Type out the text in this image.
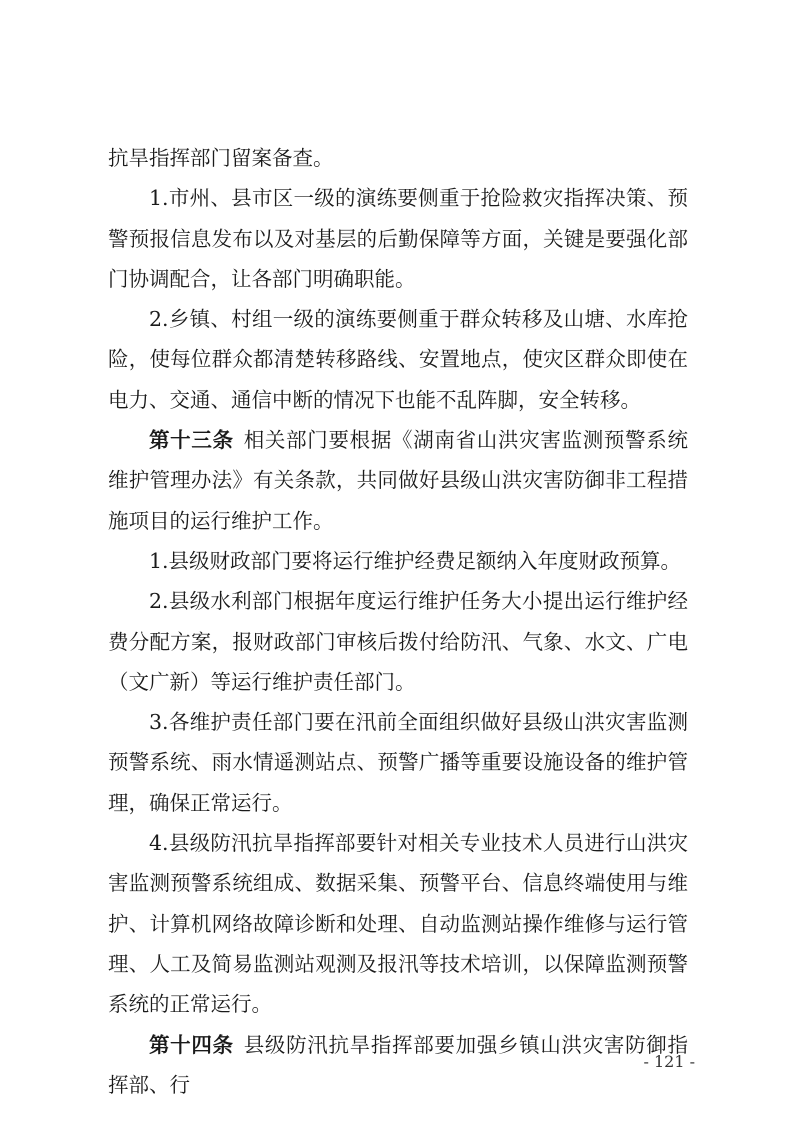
抗旱指挥部门留案备查。

1.市州、县市区一级的演练要侧重于抢险救灾指挥决策、预警预报信息发布以及对基层的后勤保障等方面，关键是要强化部门协调配合，让各部门明确职能。

2.乡镇、村组一级的演练要侧重于群众转移及山塘、水库抢险，使每位群众都清楚转移路线、安置地点，使灾区群众即使在电力、交通、通信中断的情况下也能不乱阵脚，安全转移。

第十三条 相关部门要根据《湖南省山洪灾害监测预警系统维护管理办法》有关条款，共同做好县级山洪灾害防御非工程措施项目的运行维护工作。

1.县级财政部门要将运行维护经费足额纳入年度财政预算。

2.县级水利部门根据年度运行维护任务大小提出运行维护经费分配方案，报财政部门审核后拨付给防汛、气象、水文、广电（文广新）等运行维护责任部门。

3.各维护责任部门要在汛前全面组织做好县级山洪灾害监测预警系统、雨水情遥测站点、预警广播等重要设施设备的维护管理，确保正常运行。

4.县级防汛抗旱指挥部要针对相关专业技术人员进行山洪灾害监测预警系统组成、数据采集、预警平台、信息终端使用与维护、计算机网络故障诊断和处理、自动监测站操作维修与运行管理、人工及简易监测站观测及报汛等技术培训，以保障监测预警系统的正常运行。

第十四条 县级防汛抗旱指挥部要加强乡镇山洪灾害防御指挥部、行

- 121 -
